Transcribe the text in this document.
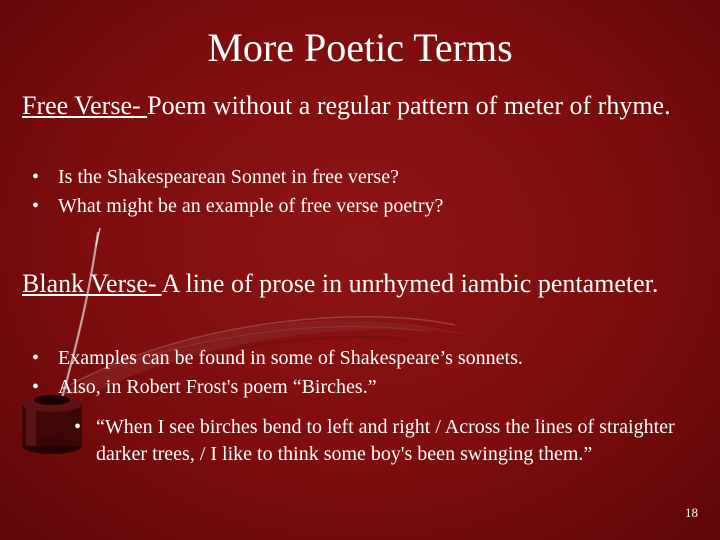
More Poetic Terms
Free Verse- Poem without a regular pattern of meter of rhyme.
• Is the Shakespearean Sonnet in free verse?
• What might be an example of free verse poetry?
Blank Verse- A line of prose in unrhymed iambic pentameter.
• Examples can be found in some of Shakespeare’s sonnets.
• Also, in Robert Frost's poem “Birches.”
• “When I see birches bend to left and right / Across the lines of straighter darker trees, / I like to think some boy's been swinging them.”
18
